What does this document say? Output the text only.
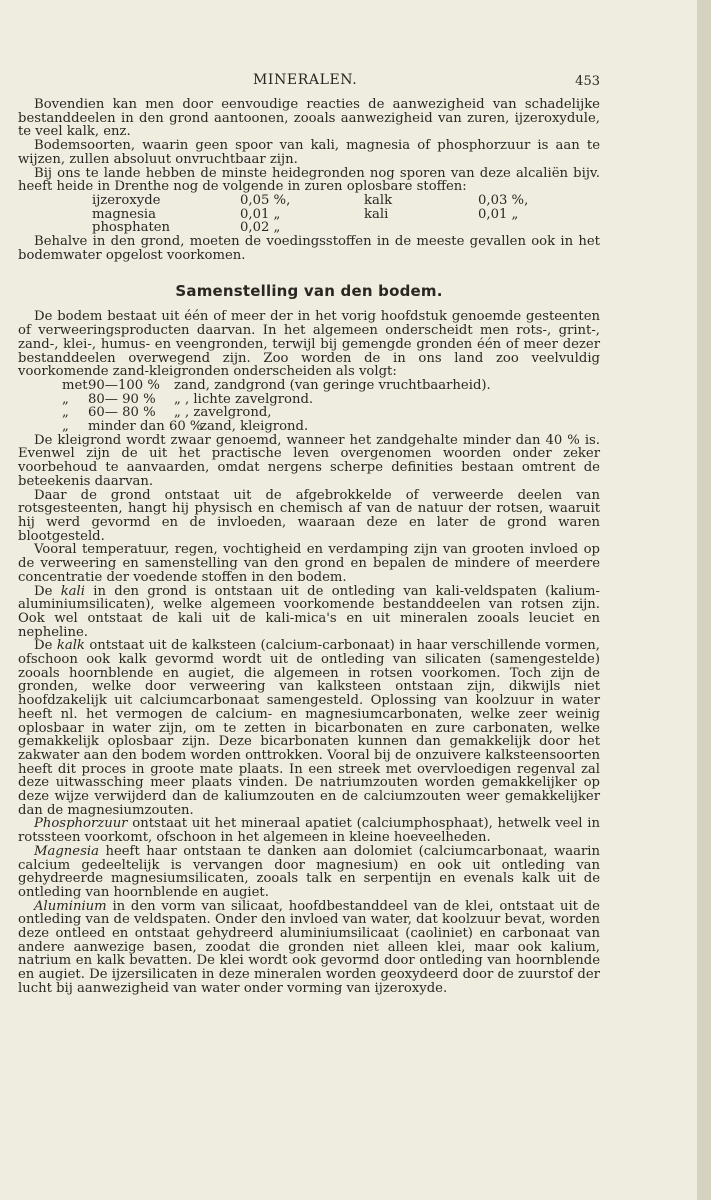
MINERALEN.	453

Bovendien kan men door eenvoudige reacties de aanwezigheid van schadelijke bestanddeelen in den grond aantoonen, zooals aanwezigheid van zuren, ijzeroxydule, te veel kalk, enz.

Bodemsoorten, waarin geen spoor van kali, magnesia of phosphorzuur is aan te wijzen, zullen absoluut onvruchtbaar zijn.

Bij ons te lande hebben de minste heidegronden nog sporen van deze alcaliën bijv. heeft heide in Drenthe nog de volgende in zuren oplosbare stoffen:

ijzeroxyde	0,05 %,	kalk	0,03 %,
magnesia	0,01 „	kali	0,01 „
phosphaten	0,02 „		

Behalve in den grond, moeten de voedingsstoffen in de meeste gevallen ook in het bodemwater opgelost voorkomen.

Samenstelling van den bodem.

De bodem bestaat uit één of meer der in het vorig hoofdstuk genoemde gesteenten of verweeringsproducten daarvan. In het algemeen onderscheidt men rots-, grint-, zand-, klei-, humus- en veengronden, terwijl bij gemengde gronden één of meer dezer bestanddeelen overwegend zijn. Zoo worden de in ons land zoo veelvuldig voorkomende zand-kleigronden onderscheiden als volgt:

met90—100 % zand, zandgrond (van geringe vruchtbaarheid).
„ 80— 90 % „ , lichte zavelgrond.
„ 60— 80 % „ , zavelgrond,
„ minder dan 60 %zand, kleigrond.

De kleigrond wordt zwaar genoemd, wanneer het zandgehalte minder dan 40 % is. Evenwel zijn de uit het practische leven overgenomen woorden onder zeker voorbehoud te aanvaarden, omdat nergens scherpe definities bestaan omtrent de beteekenis daarvan.

Daar de grond ontstaat uit de afgebrokkelde of verweerde deelen van rotsgesteenten, hangt hij physisch en chemisch af van de natuur der rotsen, waaruit hij werd gevormd en de invloeden, waaraan deze en later de grond waren blootgesteld.

Vooral temperatuur, regen, vochtigheid en verdamping zijn van grooten invloed op de verweering en samenstelling van den grond en bepalen de mindere of meerdere concentratie der voedende stoffen in den bodem.

De kali in den grond is ontstaan uit de ontleding van kali-veldspaten (kalium-aluminiumsilicaten), welke algemeen voorkomende bestanddeelen van rotsen zijn. Ook wel ontstaat de kali uit de kali-mica's en uit mineralen zooals leuciet en nepheline.

De kalk ontstaat uit de kalksteen (calcium-carbonaat) in haar verschillende vormen, ofschoon ook kalk gevormd wordt uit de ontleding van silicaten (samengestelde) zooals hoornblende en augiet, die algemeen in rotsen voorkomen. Toch zijn de gronden, welke door verweering van kalksteen ontstaan zijn, dikwijls niet hoofdzakelijk uit calciumcarbonaat samengesteld. Oplossing van koolzuur in water heeft nl. het vermogen de calcium- en magnesiumcarbonaten, welke zeer weinig oplosbaar in water zijn, om te zetten in bicarbonaten en zure carbonaten, welke gemakkelijk oplosbaar zijn. Deze bicarbonaten kunnen dan gemakkelijk door het zakwater aan den bodem worden onttrokken. Vooral bij de onzuivere kalksteensoorten heeft dit proces in groote mate plaats. In een streek met overvloedigen regenval zal deze uitwassching meer plaats vinden. De natriumzouten worden gemakkelijker op deze wijze verwijderd dan de kaliumzouten en de calciumzouten weer gemakkelijker dan de magnesiumzouten.

Phosphorzuur ontstaat uit het mineraal apatiet (calciumphosphaat), hetwelk veel in rotssteen voorkomt, ofschoon in het algemeen in kleine hoeveelheden.

Magnesia heeft haar ontstaan te danken aan dolomiet (calciumcarbonaat, waarin calcium gedeeltelijk is vervangen door magnesium) en ook uit ontleding van gehydreerde magnesiumsilicaten, zooals talk en serpentijn en evenals kalk uit de ontleding van hoornblende en augiet.

Aluminium in den vorm van silicaat, hoofdbestanddeel van de klei, ontstaat uit de ontleding van de veldspaten. Onder den invloed van water, dat koolzuur bevat, worden deze ontleed en ontstaat gehydreerd aluminiumsilicaat (caoliniet) en carbonaat van andere aanwezige basen, zoodat die gronden niet alleen klei, maar ook kalium, natrium en kalk bevatten. De klei wordt ook gevormd door ontleding van hoornblende en augiet. De ijzersilicaten in deze mineralen worden geoxydeerd door de zuurstof der lucht bij aanwezigheid van water onder vorming van ijzeroxyde.
